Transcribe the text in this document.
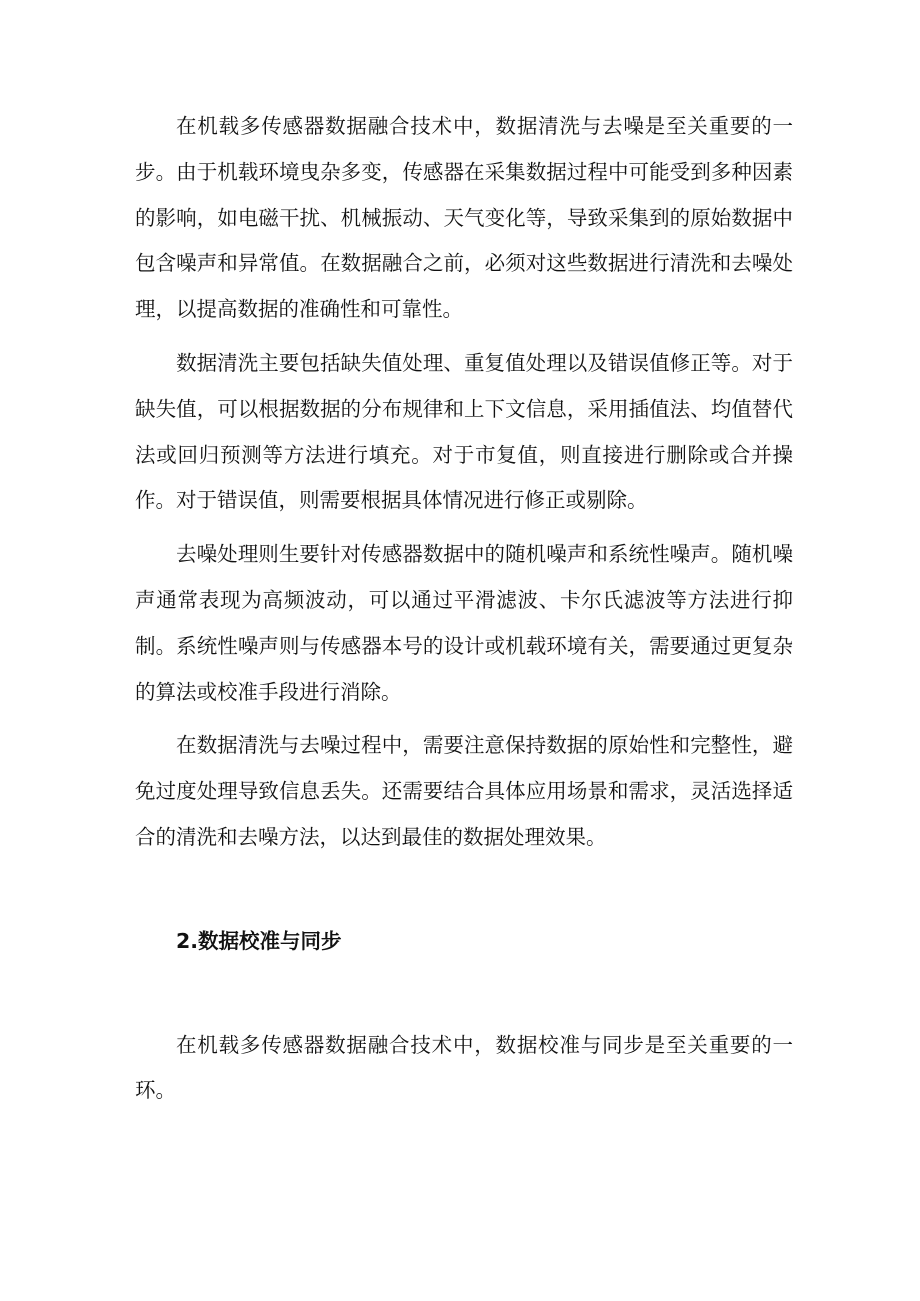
在机载多传感器数据融合技术中，数据清洗与去噪是至关重要的一步。由于机载环境曳杂多变，传感器在采集数据过程中可能受到多种因素的影响，如电磁干扰、机械振动、天气变化等，导致采集到的原始数据中包含噪声和异常值。在数据融合之前，必须对这些数据进行清洗和去噪处理，以提高数据的准确性和可靠性。

数据清洗主要包括缺失值处理、重复值处理以及错误值修正等。对于缺失值，可以根据数据的分布规律和上下文信息，采用插值法、均值替代法或回归预测等方法进行填充。对于市复值，则直接进行删除或合并操作。对于错误值，则需要根据具体情况进行修正或剔除。

去噪处理则生要针对传感器数据中的随机噪声和系统性噪声。随机噪声通常表现为高频波动，可以通过平滑滤波、卡尔氏滤波等方法进行抑制。系统性噪声则与传感器本号的设计或机载环境有关，需要通过更复杂的算法或校准手段进行消除。

在数据清洗与去噪过程中，需要注意保持数据的原始性和完整性，避免过度处理导致信息丢失。还需要结合具体应用场景和需求，灵活选择适合的清洗和去噪方法，以达到最佳的数据处理效果。

2.数据校准与同步

在机载多传感器数据融合技术中，数据校准与同步是至关重要的一环。
